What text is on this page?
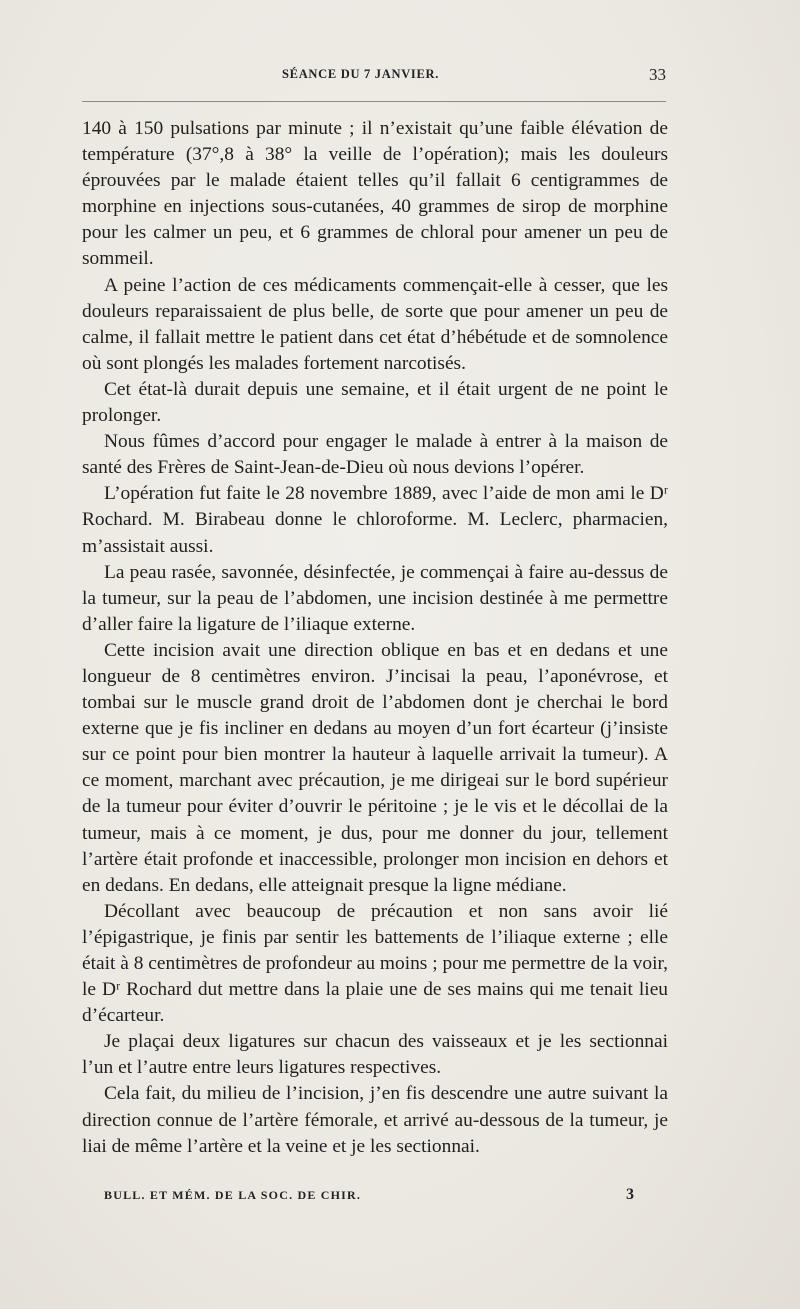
SÉANCE DU 7 JANVIER.	33

140 à 150 pulsations par minute ; il n’existait qu’une faible élévation de température (37°,8 à 38° la veille de l’opération); mais les douleurs éprouvées par le malade étaient telles qu’il fallait 6 centigrammes de morphine en injections sous-cutanées, 40 grammes de sirop de morphine pour les calmer un peu, et 6 grammes de chloral pour amener un peu de sommeil.

A peine l’action de ces médicaments commençait-elle à cesser, que les douleurs reparaissaient de plus belle, de sorte que pour amener un peu de calme, il fallait mettre le patient dans cet état d’hébétude et de somnolence où sont plongés les malades fortement narcotisés.

Cet état-là durait depuis une semaine, et il était urgent de ne point le prolonger.

Nous fûmes d’accord pour engager le malade à entrer à la maison de santé des Frères de Saint-Jean-de-Dieu où nous devions l’opérer.

L’opération fut faite le 28 novembre 1889, avec l’aide de mon ami le Dʳ Rochard. M. Birabeau donne le chloroforme. M. Leclerc, pharmacien, m’assistait aussi.

La peau rasée, savonnée, désinfectée, je commençai à faire au-dessus de la tumeur, sur la peau de l’abdomen, une incision destinée à me permettre d’aller faire la ligature de l’iliaque externe.

Cette incision avait une direction oblique en bas et en dedans et une longueur de 8 centimètres environ. J’incisai la peau, l’aponévrose, et tombai sur le muscle grand droit de l’abdomen dont je cherchai le bord externe que je fis incliner en dedans au moyen d’un fort écarteur (j’insiste sur ce point pour bien montrer la hauteur à laquelle arrivait la tumeur). A ce moment, marchant avec précaution, je me dirigeai sur le bord supérieur de la tumeur pour éviter d’ouvrir le péritoine ; je le vis et le décollai de la tumeur, mais à ce moment, je dus, pour me donner du jour, tellement l’artère était profonde et inaccessible, prolonger mon incision en dehors et en dedans. En dedans, elle atteignait presque la ligne médiane.

Décollant avec beaucoup de précaution et non sans avoir lié l’épigastrique, je finis par sentir les battements de l’iliaque externe ; elle était à 8 centimètres de profondeur au moins ; pour me permettre de la voir, le Dʳ Rochard dut mettre dans la plaie une de ses mains qui me tenait lieu d’écarteur.

Je plaçai deux ligatures sur chacun des vaisseaux et je les sectionnai l’un et l’autre entre leurs ligatures respectives.

Cela fait, du milieu de l’incision, j’en fis descendre une autre suivant la direction connue de l’artère fémorale, et arrivé au-dessous de la tumeur, je liai de même l’artère et la veine et je les sectionnai.

BULL. ET MÉM. DE LA SOC. DE CHIR.	3
